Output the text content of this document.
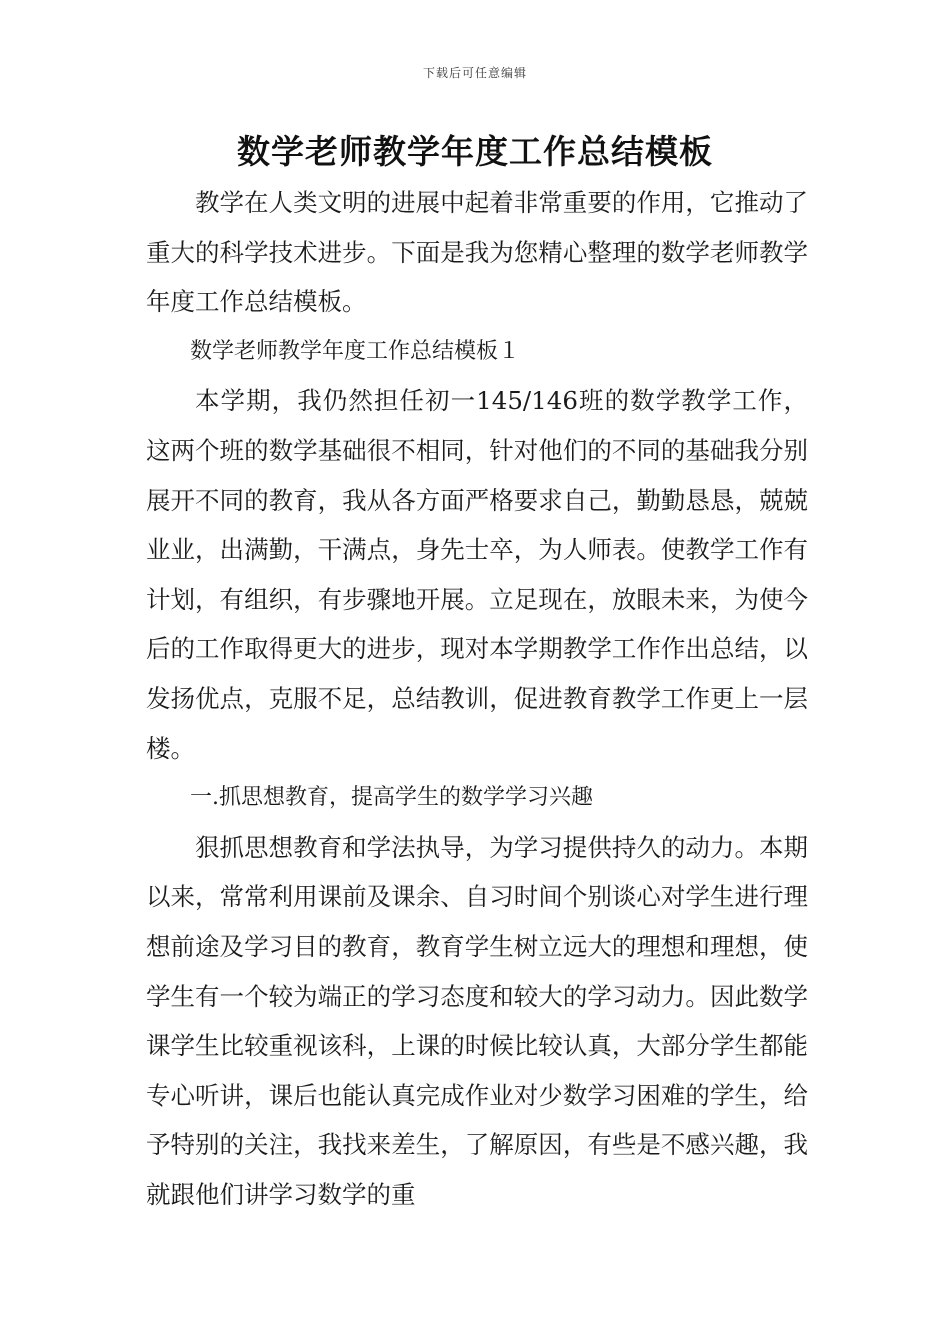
下载后可任意编辑
数学老师教学年度工作总结模板

教学在人类文明的进展中起着非常重要的作用，它推动了重大的科学技术进步。下面是我为您精心整理的数学老师教学年度工作总结模板。

数学老师教学年度工作总结模板１

本学期，我仍然担任初一145/146班的数学教学工作，这两个班的数学基础很不相同，针对他们的不同的基础我分别展开不同的教育，我从各方面严格要求自己，勤勤恳恳，兢兢业业，出满勤，干满点，身先士卒，为人师表。使教学工作有计划，有组织，有步骤地开展。立足现在，放眼未来，为使今后的工作取得更大的进步，现对本学期教学工作作出总结，以发扬优点，克服不足，总结教训，促进教育教学工作更上一层楼。

一.抓思想教育，提高学生的数学学习兴趣

狠抓思想教育和学法执导，为学习提供持久的动力。本期以来，常常利用课前及课余、自习时间个别谈心对学生进行理想前途及学习目的教育，教育学生树立远大的理想和理想，使学生有一个较为端正的学习态度和较大的学习动力。因此数学课学生比较重视该科，上课的时候比较认真，大部分学生都能专心听讲，课后也能认真完成作业对少数学习困难的学生，给予特别的关注，我找来差生，了解原因，有些是不感兴趣，我就跟他们讲学习数学的重
